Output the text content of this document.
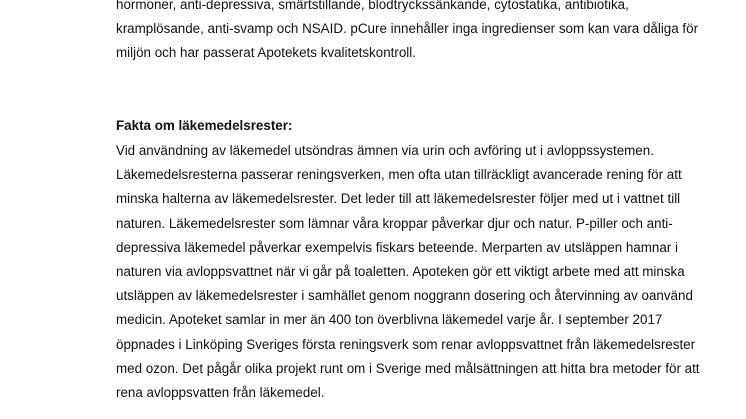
hormoner, anti-depressiva, smärtstillande, blodtryckssänkande, cytostatika, antibiotika,
kramplösande, anti-svamp och NSAID. pCure innehåller inga ingredienser som kan vara dåliga för
miljön och har passerat Apotekets kvalitetskontroll.
Fakta om läkemedelsrester:
Vid användning av läkemedel utsöndras ämnen via urin och avföring ut i avloppssystemen.
Läkemedelsresterna passerar reningsverken, men ofta utan tillräckligt avancerade rening för att
minska halterna av läkemedelsrester. Det leder till att läkemedelsrester följer med ut i vattnet till
naturen. Läkemedelsrester som lämnar våra kroppar påverkar djur och natur. P-piller och anti-
depressiva läkemedel påverkar exempelvis fiskars beteende. Merparten av utsläppen hamnar i
naturen via avloppsvattnet när vi går på toaletten. Apoteken gör ett viktigt arbete med att minska
utsläppen av läkemedelsrester i samhället genom noggrann dosering och återvinning av oanvänd
medicin. Apoteket samlar in mer än 400 ton överblivna läkemedel varje år. I september 2017
öppnades i Linköping Sveriges första reningsverk som renar avloppsvattnet från läkemedelsrester
med ozon. Det pågår olika projekt runt om i Sverige med målsättningen att hitta bra metoder för att
rena avloppsvatten från läkemedel.
